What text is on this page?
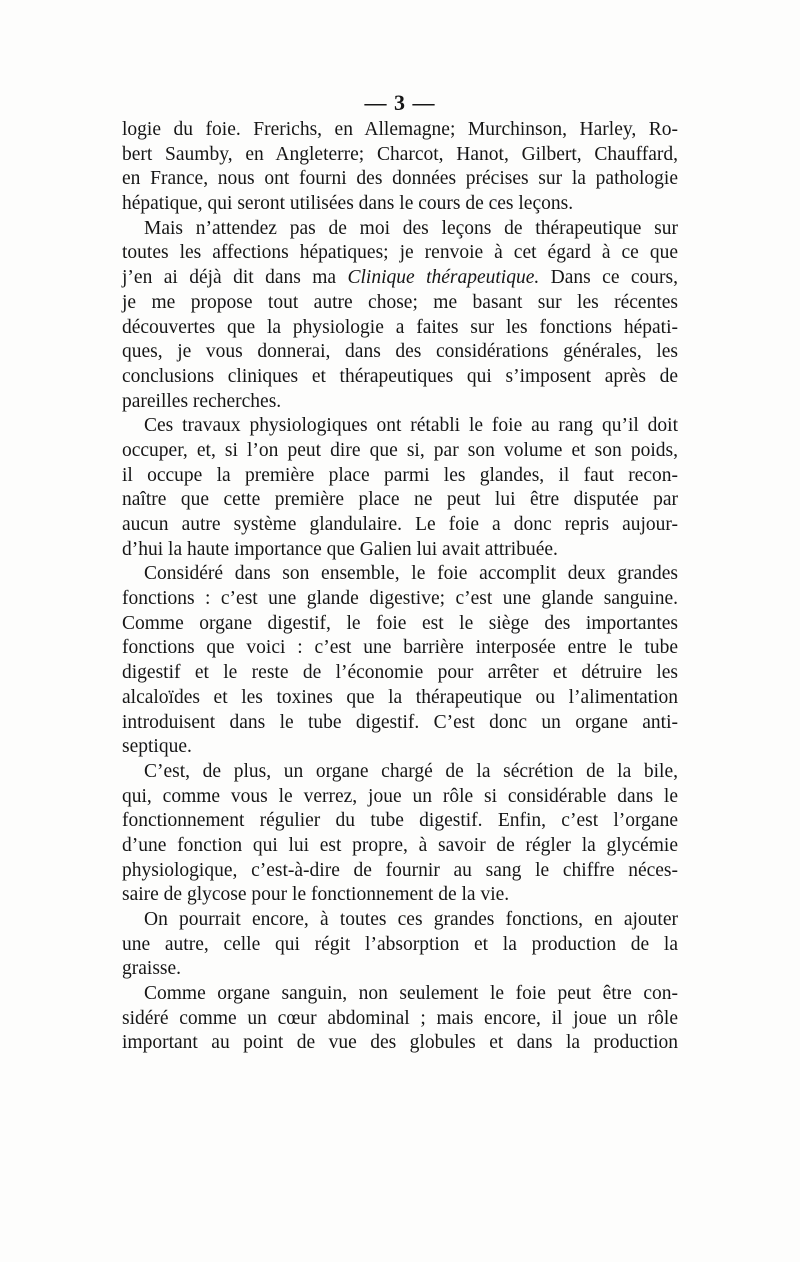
— 3 —
logie du foie. Frerichs, en Allemagne; Murchinson, Harley, Ro-
bert Saumby, en Angleterre; Charcot, Hanot, Gilbert, Chauffard,
en France, nous ont fourni des données précises sur la pathologie
hépatique, qui seront utilisées dans le cours de ces leçons.
Mais n’attendez pas de moi des leçons de thérapeutique sur
toutes les affections hépatiques; je renvoie à cet égard à ce que
j’en ai déjà dit dans ma Clinique thérapeutique. Dans ce cours,
je me propose tout autre chose; me basant sur les récentes
découvertes que la physiologie a faites sur les fonctions hépati-
ques, je vous donnerai, dans des considérations générales, les
conclusions cliniques et thérapeutiques qui s’imposent après de
pareilles recherches.
Ces travaux physiologiques ont rétabli le foie au rang qu’il doit
occuper, et, si l’on peut dire que si, par son volume et son poids,
il occupe la première place parmi les glandes, il faut recon-
naître que cette première place ne peut lui être disputée par
aucun autre système glandulaire. Le foie a donc repris aujour-
d’hui la haute importance que Galien lui avait attribuée.
Considéré dans son ensemble, le foie accomplit deux grandes
fonctions : c’est une glande digestive; c’est une glande sanguine.
Comme organe digestif, le foie est le siège des importantes
fonctions que voici : c’est une barrière interposée entre le tube
digestif et le reste de l’économie pour arrêter et détruire les
alcaloïdes et les toxines que la thérapeutique ou l’alimentation
introduisent dans le tube digestif. C’est donc un organe anti-
septique.
C’est, de plus, un organe chargé de la sécrétion de la bile,
qui, comme vous le verrez, joue un rôle si considérable dans le
fonctionnement régulier du tube digestif. Enfin, c’est l’organe
d’une fonction qui lui est propre, à savoir de régler la glycémie
physiologique, c’est-à-dire de fournir au sang le chiffre néces-
saire de glycose pour le fonctionnement de la vie.
On pourrait encore, à toutes ces grandes fonctions, en ajouter
une autre, celle qui régit l’absorption et la production de la
graisse.
Comme organe sanguin, non seulement le foie peut être con-
sidéré comme un cœur abdominal ; mais encore, il joue un rôle
important au point de vue des globules et dans la production
